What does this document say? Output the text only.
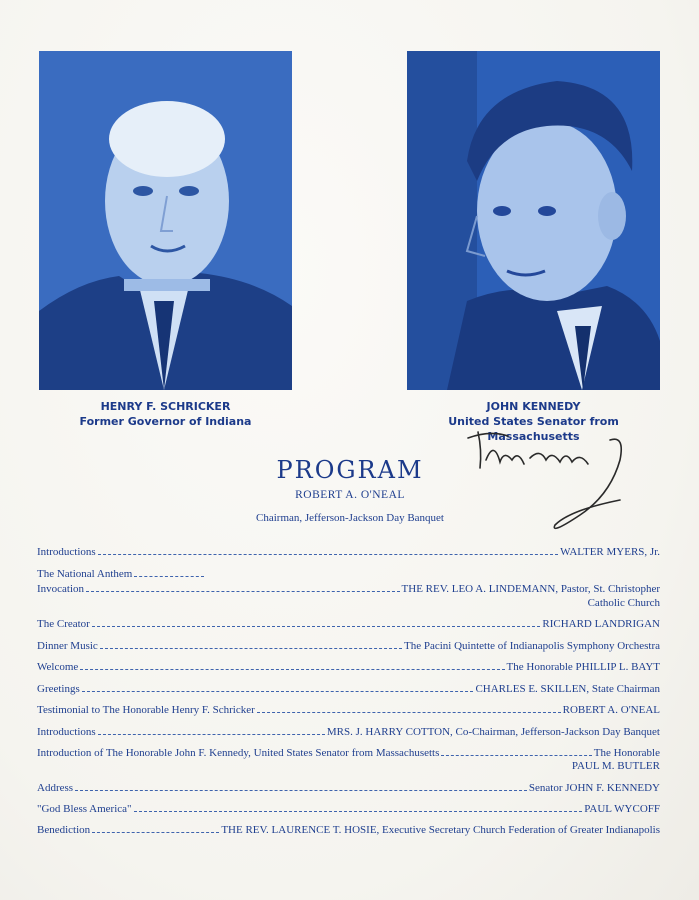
HENRY F. SCHRICKER
Former Governor of Indiana
JOHN KENNEDY
United States Senator from Massachusetts
PROGRAM
ROBERT A. O'NEAL
Chairman, Jefferson-Jackson Day Banquet
Introductions	WALTER MYERS, Jr.
The National Anthem
Invocation	THE REV. LEO A. LINDEMANN, Pastor, St. Christopher
Catholic Church
The Creator	RICHARD LANDRIGAN
Dinner Music	The Pacini Quintette of Indianapolis Symphony Orchestra
Welcome	The Honorable PHILLIP L. BAYT
Greetings	CHARLES E. SKILLEN, State Chairman
Testimonial to The Honorable Henry F. Schricker	ROBERT A. O'NEAL
Introductions	MRS. J. HARRY COTTON, Co-Chairman, Jefferson-Jackson Day Banquet
Introduction of The Honorable John F. Kennedy, United States Senator from Massachusetts	The Honorable
PAUL M. BUTLER
Address	Senator JOHN F. KENNEDY
"God Bless America"	PAUL WYCOFF
Benediction	THE REV. LAURENCE T. HOSIE, Executive Secretary Church Federation of Greater Indianapolis
